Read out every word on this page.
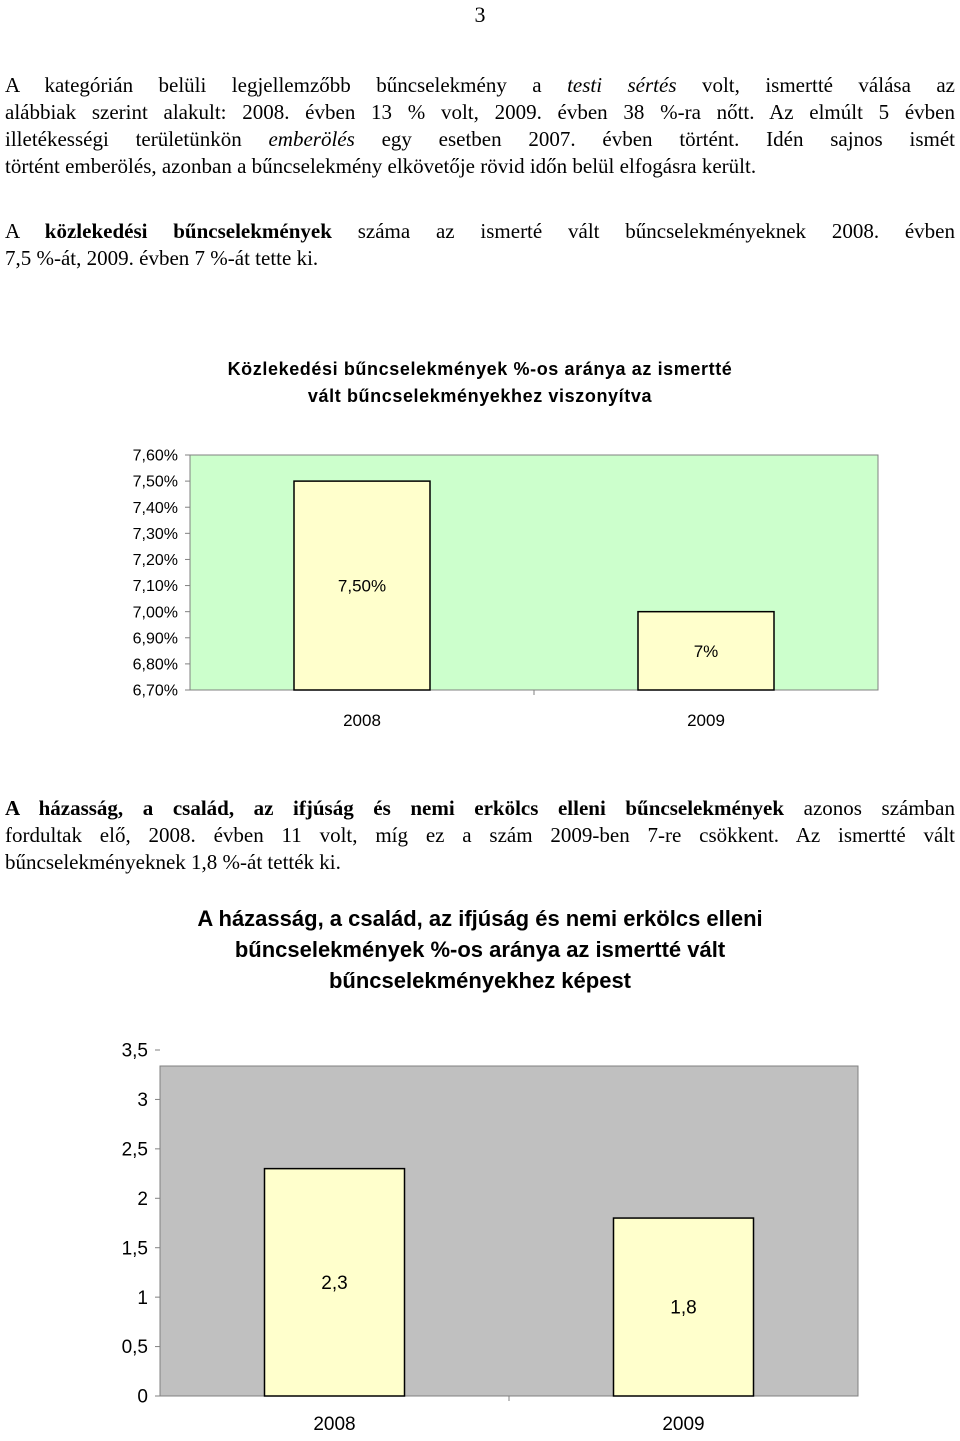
3
A kategórián belüli legjellemzőbb bűncselekmény a testi sértés volt, ismertté válása az
alábbiak szerint alakult: 2008. évben 13 % volt, 2009. évben 38 %-ra nőtt. Az elmúlt 5 évben
illetékességi területünkön emberölés egy esetben 2007. évben történt. Idén sajnos ismét
történt emberölés, azonban a bűncselekmény elkövetője rövid időn belül elfogásra került.
A közlekedési bűncselekmények száma az ismerté vált bűncselekményeknek 2008. évben
7,5 %-át, 2009. évben 7 %-át tette ki.
Közlekedési bűncselekmények %-os aránya az ismertté
vált bűncselekményekhez viszonyítva
7,60%
7,50%
7,40%
7,30%
7,20%
7,10%
7,00%
6,90%
6,80%
6,70%
7,50%
2008
7%
2009
A házasság, a család, az ifjúság és nemi erkölcs elleni bűncselekmények azonos számban
fordultak elő, 2008. évben 11 volt, míg ez a szám 2009-ben 7-re csökkent. Az ismertté vált
bűncselekményeknek 1,8 %-át tették ki.
A házasság, a család, az ifjúság és nemi erkölcs elleni
bűncselekmények %-os aránya az ismertté vált
bűncselekményekhez képest
3,5
3
2,5
2
1,5
1
0,5
0
2,3
2008
1,8
2009
